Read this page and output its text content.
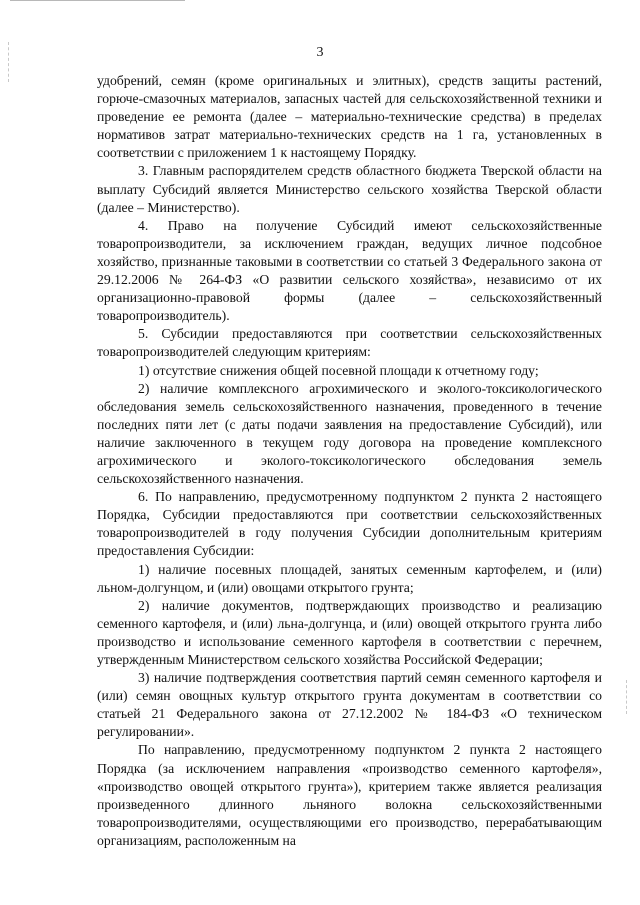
3

удобрений, семян (кроме оригинальных и элитных), средств защиты растений, горюче-смазочных материалов, запасных частей для сельскохозяйственной техники и проведение ее ремонта (далее – материально-технические средства) в пределах нормативов затрат материально-технических средств на 1 га, установленных в соответствии с приложением 1 к настоящему Порядку.

3. Главным распорядителем средств областного бюджета Тверской области на выплату Субсидий является Министерство сельского хозяйства Тверской области (далее – Министерство).

4. Право на получение Субсидий имеют сельскохозяйственные товаропроизводители, за исключением граждан, ведущих личное подсобное хозяйство, признанные таковыми в соответствии со статьей 3 Федерального закона от 29.12.2006 № 264-ФЗ «О развитии сельского хозяйства», независимо от их организационно-правовой формы (далее – сельскохозяйственный товаропроизводитель).

5. Субсидии предоставляются при соответствии сельскохозяйственных товаропроизводителей следующим критериям:

1) отсутствие снижения общей посевной площади к отчетному году;

2) наличие комплексного агрохимического и эколого-токсикологического обследования земель сельскохозяйственного назначения, проведенного в течение последних пяти лет (с даты подачи заявления на предоставление Субсидий), или наличие заключенного в текущем году договора на проведение комплексного агрохимического и эколого-токсикологического обследования земель сельскохозяйственного назначения.

6. По направлению, предусмотренному подпунктом 2 пункта 2 настоящего Порядка, Субсидии предоставляются при соответствии сельскохозяйственных товаропроизводителей в году получения Субсидии дополнительным критериям предоставления Субсидии:

1) наличие посевных площадей, занятых семенным картофелем, и (или) льном-долгунцом, и (или) овощами открытого грунта;

2) наличие документов, подтверждающих производство и реализацию семенного картофеля, и (или) льна-долгунца, и (или) овощей открытого грунта либо производство и использование семенного картофеля в соответствии с перечнем, утвержденным Министерством сельского хозяйства Российской Федерации;

3) наличие подтверждения соответствия партий семян семенного картофеля и (или) семян овощных культур открытого грунта документам в соответствии со статьей 21 Федерального закона от 27.12.2002 № 184-ФЗ «О техническом регулировании».

По направлению, предусмотренному подпунктом 2 пункта 2 настоящего Порядка (за исключением направления «производство семенного картофеля», «производство овощей открытого грунта»), критерием также является реализация произведенного длинного льняного волокна сельскохозяйственными товаропроизводителями, осуществляющими его производство, перерабатывающим организациям, расположенным на
